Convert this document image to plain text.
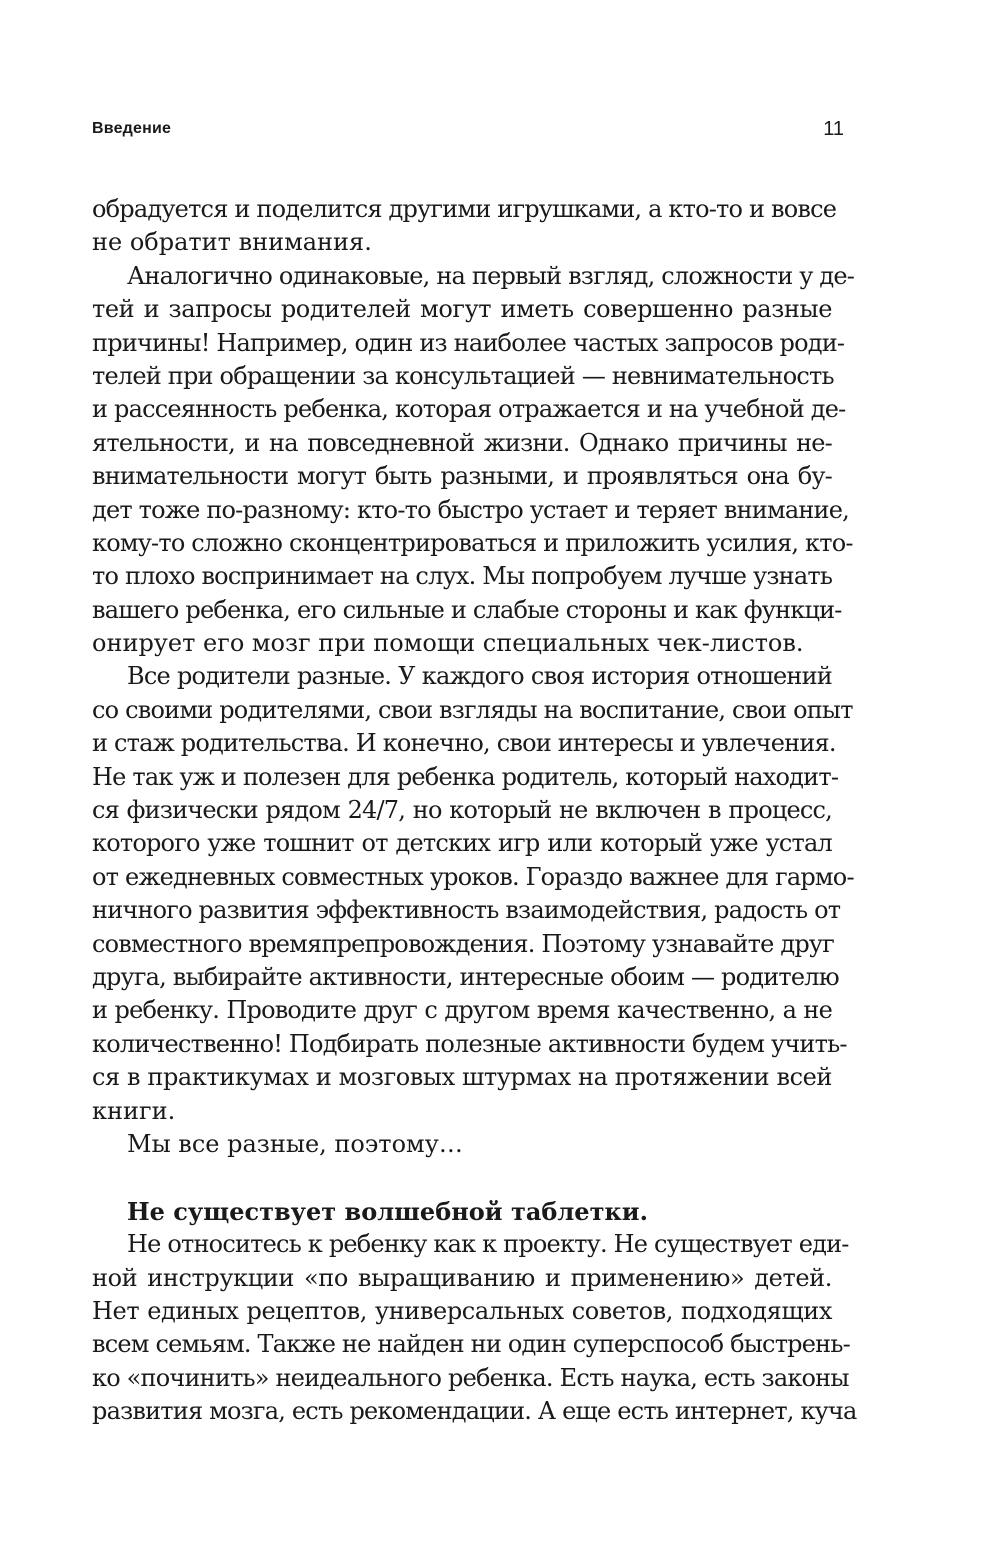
Введение	11
обрадуется и поделится другими игрушками, а кто-то и вовсе
не обратит внимания.
Аналогично одинаковые, на первый взгляд, сложности у де-
тей и запросы родителей могут иметь совершенно разные
причины! Например, один из наиболее частых запросов роди-
телей при обращении за консультацией — невнимательность
и рассеянность ребенка, которая отражается и на учебной де-
ятельности, и на повседневной жизни. Однако причины не-
внимательности могут быть разными, и проявляться она бу-
дет тоже по-разному: кто-то быстро устает и теряет внимание,
кому-то сложно сконцентрироваться и приложить усилия, кто-
то плохо воспринимает на слух. Мы попробуем лучше узнать
вашего ребенка, его сильные и слабые стороны и как функци-
онирует его мозг при помощи специальных чек-листов.
Все родители разные. У каждого своя история отношений
со своими родителями, свои взгляды на воспитание, свои опыт
и стаж родительства. И конечно, свои интересы и увлечения.
Не так уж и полезен для ребенка родитель, который находит-
ся физически рядом 24/7, но который не включен в процесс,
которого уже тошнит от детских игр или который уже устал
от ежедневных совместных уроков. Гораздо важнее для гармо-
ничного развития эффективность взаимодействия, радость от
совместного времяпрепровождения. Поэтому узнавайте друг
друга, выбирайте активности, интересные обоим — родителю
и ребенку. Проводите друг с другом время качественно, а не
количественно! Подбирать полезные активности будем учить-
ся в практикумах и мозговых штурмах на протяжении всей
книги.
Мы все разные, поэтому…
Не существует волшебной таблетки.
Не относитесь к ребенку как к проекту. Не существует еди-
ной инструкции «по выращиванию и применению» детей.
Нет единых рецептов, универсальных советов, подходящих
всем семьям. Также не найден ни один суперспособ быстрень-
ко «починить» неидеального ребенка. Есть наука, есть законы
развития мозга, есть рекомендации. А еще есть интернет, куча
